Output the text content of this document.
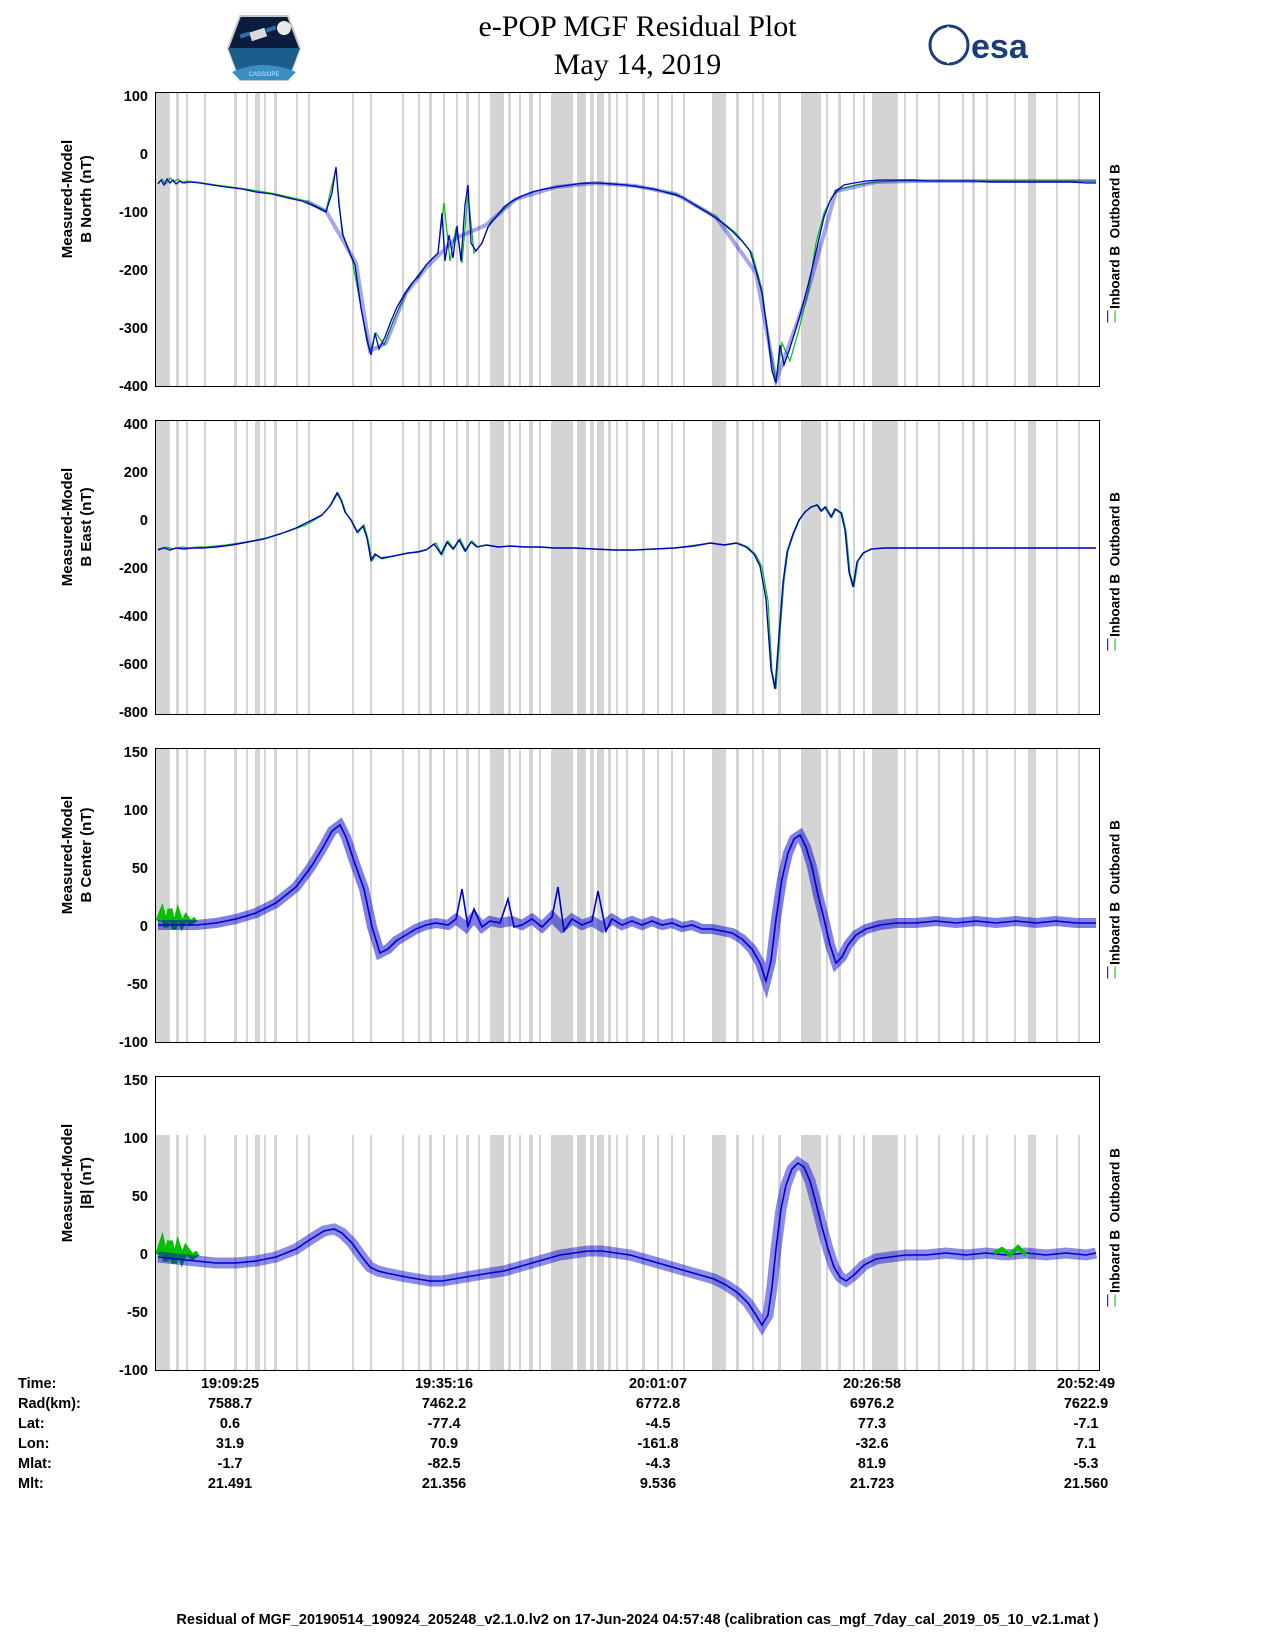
CASSIOPE
e-POP MGF Residual Plot
May 14, 2019	esa
Measured-Model B North (nT)
100
0
-100
-200
-300
-400
Inboard B  Outboard B
||
Measured-Model B East (nT)
400
200
0
-200
-400
-600
-800
Inboard B  Outboard B
||
Measured-Model B Center (nT)
150
100
50
0
-50
-100
Inboard B  Outboard B
||
Measured-Model |B| (nT)
150
100
50
0
-50
-100
Inboard B  Outboard B
||
Time:	19:09:25	19:35:16	20:01:07	20:26:58	20:52:49
Rad(km):	7588.7	7462.2	6772.8	6976.2	7622.9
Lat:	0.6	-77.4	-4.5	77.3	-7.1
Lon:	31.9	70.9	-161.8	-32.6	7.1
Mlat:	-1.7	-82.5	-4.3	81.9	-5.3
Mlt:	21.491	21.356	9.536	21.723	21.560
Residual of MGF_20190514_190924_205248_v2.1.0.lv2 on 17-Jun-2024 04:57:48 (calibration cas_mgf_7day_cal_2019_05_10_v2.1.mat )
